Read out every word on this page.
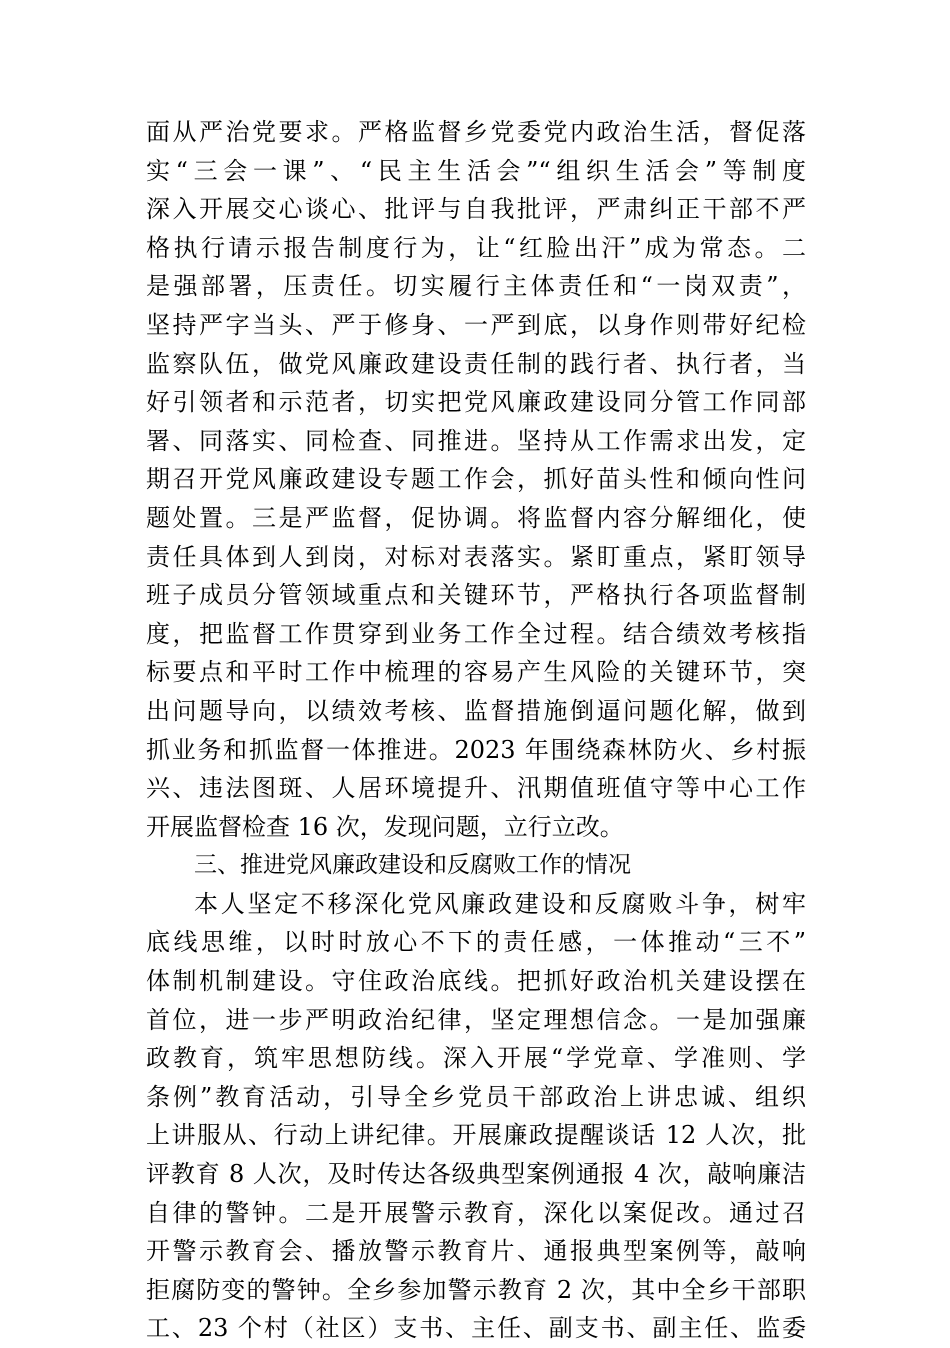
面从严治党要求。严格监督乡党委党内政治生活，督促落
实“三会一课”、“民主生活会”“组织生活会”等制度
深入开展交心谈心、批评与自我批评，严肃纠正干部不严
格执行请示报告制度行为，让“红脸出汗”成为常态。二
是强部署，压责任。切实履行主体责任和“一岗双责”，
坚持严字当头、严于修身、一严到底，以身作则带好纪检
监察队伍，做党风廉政建设责任制的践行者、执行者，当
好引领者和示范者，切实把党风廉政建设同分管工作同部
署、同落实、同检查、同推进。坚持从工作需求出发，定
期召开党风廉政建设专题工作会，抓好苗头性和倾向性问
题处置。三是严监督，促协调。将监督内容分解细化，使
责任具体到人到岗，对标对表落实。紧盯重点，紧盯领导
班子成员分管领域重点和关键环节，严格执行各项监督制
度，把监督工作贯穿到业务工作全过程。结合绩效考核指
标要点和平时工作中梳理的容易产生风险的关键环节，突
出问题导向，以绩效考核、监督措施倒逼问题化解，做到
抓业务和抓监督一体推进。2023 年围绕森林防火、乡村振
兴、违法图斑、人居环境提升、汛期值班值守等中心工作
开展监督检查 16 次，发现问题，立行立改。
三、推进党风廉政建设和反腐败工作的情况
本人坚定不移深化党风廉政建设和反腐败斗争，树牢
底线思维，以时时放心不下的责任感，一体推动“三不”
体制机制建设。守住政治底线。把抓好政治机关建设摆在
首位，进一步严明政治纪律，坚定理想信念。一是加强廉
政教育，筑牢思想防线。深入开展“学党章、学准则、学
条例”教育活动，引导全乡党员干部政治上讲忠诚、组织
上讲服从、行动上讲纪律。开展廉政提醒谈话 12 人次，批
评教育 8 人次，及时传达各级典型案例通报 4 次，敲响廉洁
自律的警钟。二是开展警示教育，深化以案促改。通过召
开警示教育会、播放警示教育片、通报典型案例等，敲响
拒腐防变的警钟。全乡参加警示教育 2 次，其中全乡干部职
工、23 个村（社区）支书、主任、副支书、副主任、监委
